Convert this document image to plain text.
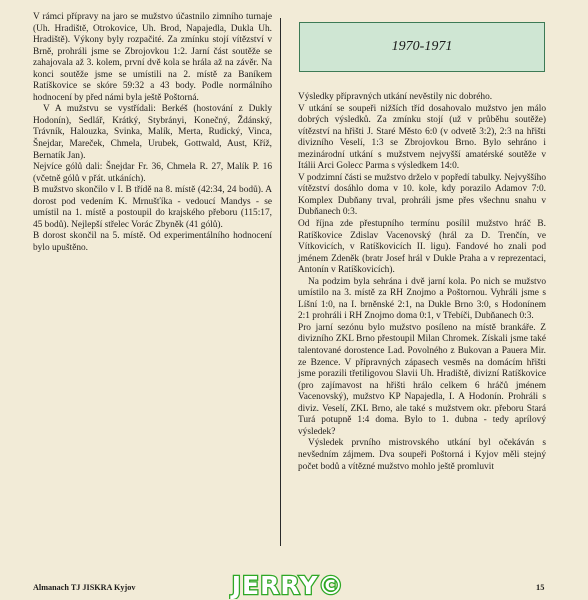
V rámci přípravy na jaro se mužstvo účastnilo zimního turnaje (Uh. Hradiště, Otrokovice, Uh. Brod, Napajedla, Dukla Uh. Hradiště). Výkony byly rozpačité. Za zmínku stojí vítězství v Brně, prohráli jsme se Zbrojovkou 1:2. Jarní část soutěže se zahajovala až 3. kolem, první dvě kola se hrála až na závěr. Na konci soutěže jsme se umístili na 2. místě za Baníkem Ratíškovice se skóre 59:32 a 43 body. Podle normálního hodnocení by před námi byla ještě Poštorná.

V A mužstvu se vystřídali: Berkéš (hostování z Dukly Hodonín), Sedlář, Krátký, Stybrányi, Konečný, Ždánský, Trávník, Halouzka, Svinka, Malík, Merta, Rudický, Vinca, Šnejdar, Mareček, Chmela, Urubek, Gottwald, Aust, Kříž, Bernatík Jan).

Nejvíce gólů dali: Šnejdar Fr. 36, Chmela R. 27, Malík P. 16 (včetně gólů v přát. utkáních).

B mužstvo skončilo v I. B třídě na 8. místě (42:34, 24 bodů). A dorost pod vedením K. Mrnušťíka - vedoucí Mandys - se umístil na 1. místě a postoupil do krajského přeboru (115:17, 45 bodů). Nejlepší střelec Vorác Zbyněk (41 gólů).

B dorost skončil na 5. místě. Od experimentálního hodnocení bylo upuštěno.

1970-1971

Výsledky přípravných utkání nevěstily nic dobrého.

V utkání se soupeři nižších tříd dosahovalo mužstvo jen málo dobrých výsledků. Za zmínku stojí (už v průběhu soutěže) vítězství na hřišti J. Staré Město 6:0 (v odvetě 3:2), 2:3 na hřišti divizního Veselí, 1:3 se Zbrojovkou Brno. Bylo sehráno i mezinárodní utkání s mužstvem nejvyšší amatérské soutěže v Itálii Arci Golecc Parma s výsledkem 14:0.

V podzimní části se mužstvo drželo v popředí tabulky. Nejvyššího vítězství dosáhlo doma v 10. kole, kdy porazilo Adamov 7:0. Komplex Dubňany trval, prohráli jsme přes všechnu snahu v Dubňanech 0:3.

Od října zde přestupního termínu posílil mužstvo hráč B. Ratíškovice Zdislav Vacenovský (hrál za D. Trenčín, ve Vítkovicích, v Ratíškovicích II. ligu). Fandové ho znali pod jménem Zdeněk (bratr Josef hrál v Dukle Praha a v reprezentaci, Antonín v Ratíškovicích).

Na podzim byla sehrána i dvě jarní kola. Po nich se mužstvo umístilo na 3. místě za RH Znojmo a Poštornou. Vyhráli jsme s Líšní 1:0, na I. brněnské 2:1, na Dukle Brno 3:0, s Hodonínem 2:1 prohráli i RH Znojmo doma 0:1, v Třebíči, Dubňanech 0:3.

Pro jarní sezónu bylo mužstvo posíleno na místě brankáře. Z divizního ZKL Brno přestoupil Milan Chromek. Získali jsme také talentované dorostence Lad. Povolného z Bukovan a Pauera Mir. ze Bzence. V přípravných zápasech vesměs na domácím hřišti jsme porazili třetiligovou Slavii Uh. Hradiště, divizní Ratíškovice (pro zajímavost na hřišti hrálo celkem 6 hráčů jménem Vacenovský), mužstvo KP Napajedla, I. A Hodonín. Prohráli s diviz. Veselí, ZKL Brno, ale také s mužstvem okr. přeboru Stará Turá potupně 1:4 doma. Bylo to 1. dubna - tedy aprílový výsledek?

Výsledek prvního mistrovského utkání byl očekáván s nevšedním zájmem. Dva soupeři Poštorná i Kyjov měli stejný počet bodů a vítězné mužstvo mohlo ještě promluvit

Almanach TJ JISKRA Kyjov	JERRY©	15
